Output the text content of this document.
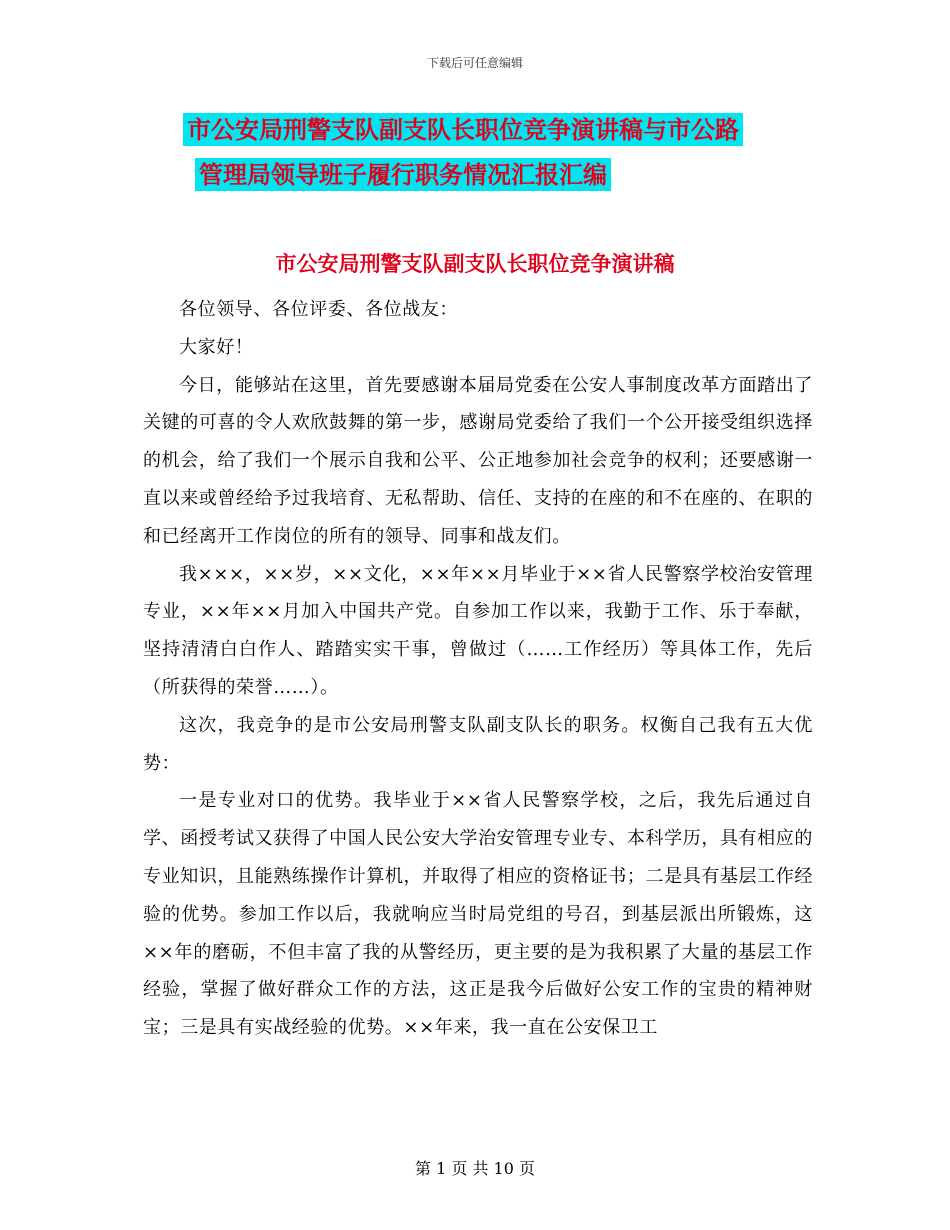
下载后可任意编辑
市公安局刑警支队副支队长职位竞争演讲稿与市公路
管理局领导班子履行职务情况汇报汇编
市公安局刑警支队副支队长职位竞争演讲稿

各位领导、各位评委、各位战友：

大家好！

今日，能够站在这里，首先要感谢本届局党委在公安人事制度改革方面踏出了关键的可喜的令人欢欣鼓舞的第一步，感谢局党委给了我们一个公开接受组织选择的机会，给了我们一个展示自我和公平、公正地参加社会竞争的权利；还要感谢一直以来或曾经给予过我培育、无私帮助、信任、支持的在座的和不在座的、在职的和已经离开工作岗位的所有的领导、同事和战友们。

我×××，××岁，××文化，××年××月毕业于××省人民警察学校治安管理专业，××年××月加入中国共产党。自参加工作以来，我勤于工作、乐于奉献，坚持清清白白作人、踏踏实实干事，曾做过（……工作经历）等具体工作，先后（所获得的荣誉……）。

这次，我竞争的是市公安局刑警支队副支队长的职务。权衡自己我有五大优势：

一是专业对口的优势。我毕业于××省人民警察学校，之后，我先后通过自学、函授考试又获得了中国人民公安大学治安管理专业专、本科学历，具有相应的专业知识，且能熟练操作计算机，并取得了相应的资格证书；二是具有基层工作经验的优势。参加工作以后，我就响应当时局党组的号召，到基层派出所锻炼，这××年的磨砺，不但丰富了我的从警经历，更主要的是为我积累了大量的基层工作经验，掌握了做好群众工作的方法，这正是我今后做好公安工作的宝贵的精神财宝；三是具有实战经验的优势。××年来，我一直在公安保卫工

第 1 页 共 10 页
